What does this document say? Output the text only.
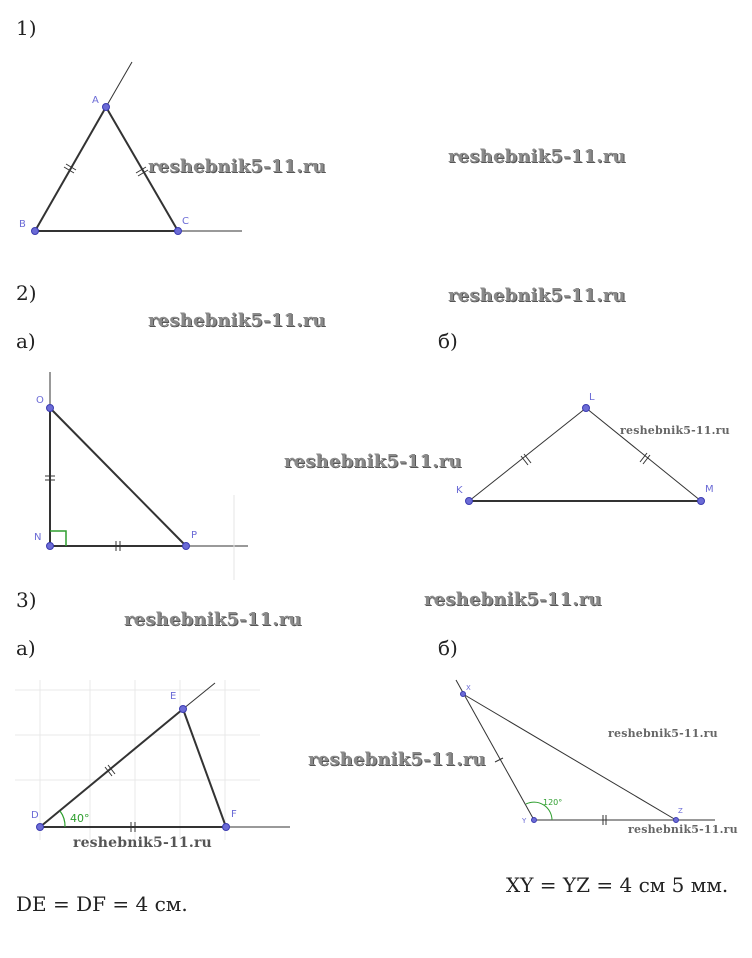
1)
2)
а)	б)
3)
а)	б)
A
B	C
O
N	P
L
K	M
40°
E
D	F
120°
X
Y
Z
reshebnik5-11.ru	reshebnik5-11.ru
reshebnik5-11.ru
reshebnik5-11.ru
reshebnik5-11.ru
reshebnik5-11.ru
reshebnik5-11.ru
reshebnik5-11.ru
reshebnik5-11.ru
reshebnik5-11.ru
reshebnik5-11.ru
reshebnik5-11.ru
DE = DF = 4 см.
XY = YZ = 4 см 5 мм.
